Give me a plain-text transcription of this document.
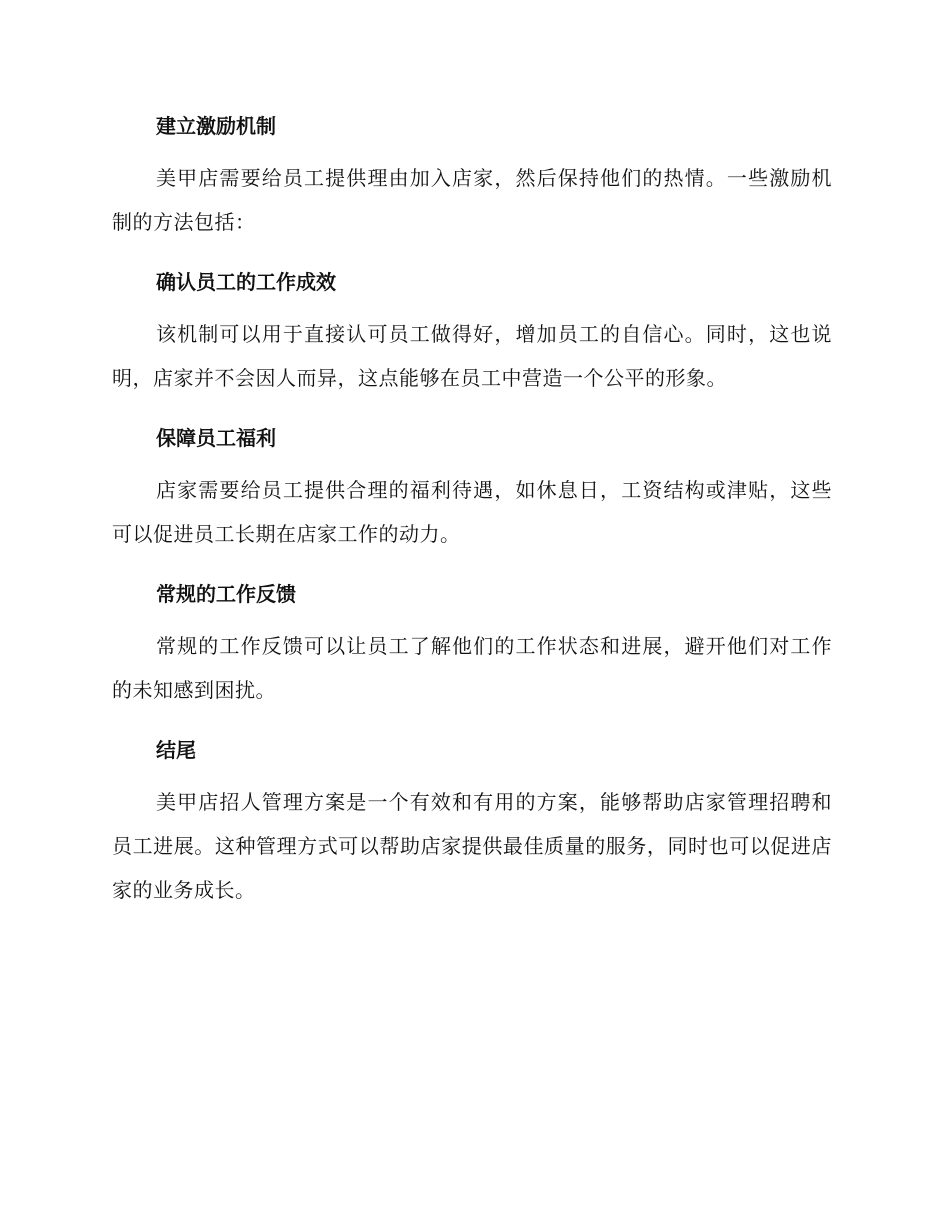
建立激励机制

美甲店需要给员工提供理由加入店家，然后保持他们的热情。一些激励机制的方法包括：

确认员工的工作成效

该机制可以用于直接认可员工做得好，增加员工的自信心。同时，这也说明，店家并不会因人而异，这点能够在员工中营造一个公平的形象。

保障员工福利

店家需要给员工提供合理的福利待遇，如休息日，工资结构或津贴，这些可以促进员工长期在店家工作的动力。

常规的工作反馈

常规的工作反馈可以让员工了解他们的工作状态和进展，避开他们对工作的未知感到困扰。

结尾

美甲店招人管理方案是一个有效和有用的方案，能够帮助店家管理招聘和员工进展。这种管理方式可以帮助店家提供最佳质量的服务，同时也可以促进店家的业务成长。
